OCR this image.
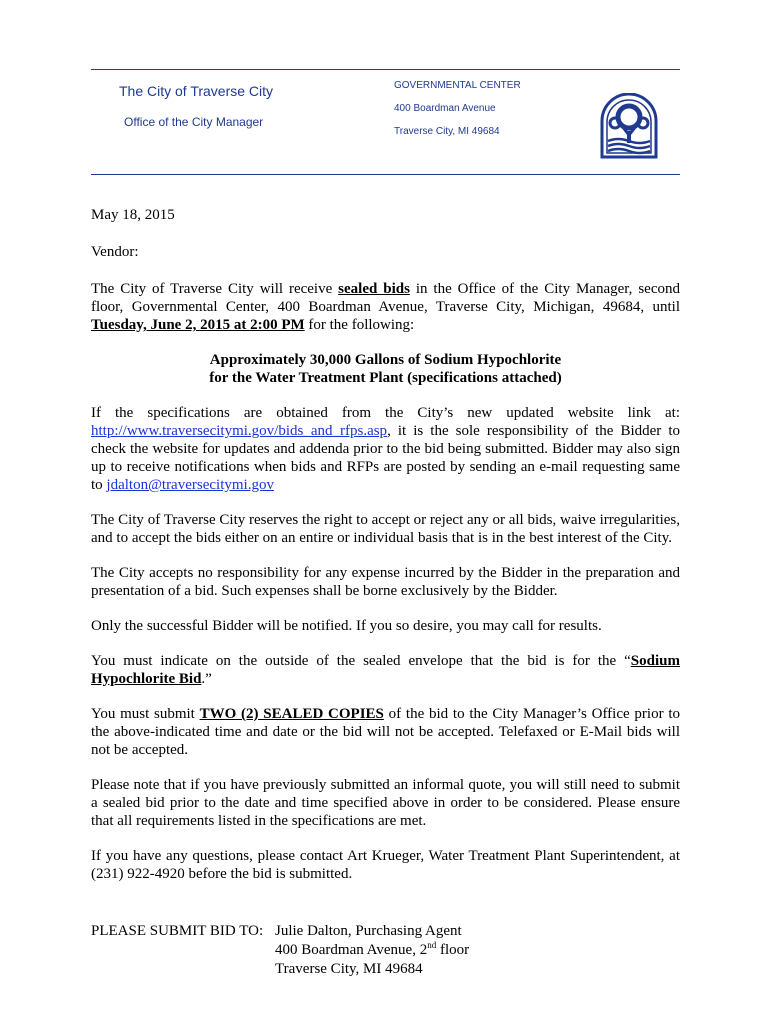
The City of Traverse City
Office of the City Manager
GOVERNMENTAL CENTER
400 Boardman Avenue
Traverse City, MI 49684
May 18, 2015
Vendor:

The City of Traverse City will receive sealed bids in the Office of the City Manager, second floor, Governmental Center, 400 Boardman Avenue, Traverse City, Michigan, 49684, until Tuesday, June 2, 2015 at 2:00 PM for the following:

Approximately 30,000 Gallons of Sodium Hypochlorite
for the Water Treatment Plant (specifications attached)

If the specifications are obtained from the City’s new updated website link at: http://www.traversecitymi.gov/bids_and_rfps.asp, it is the sole responsibility of the Bidder to check the website for updates and addenda prior to the bid being submitted. Bidder may also sign up to receive notifications when bids and RFPs are posted by sending an e-mail requesting same to jdalton@traversecitymi.gov

The City of Traverse City reserves the right to accept or reject any or all bids, waive irregularities, and to accept the bids either on an entire or individual basis that is in the best interest of the City.

The City accepts no responsibility for any expense incurred by the Bidder in the preparation and presentation of a bid. Such expenses shall be borne exclusively by the Bidder.

Only the successful Bidder will be notified. If you so desire, you may call for results.

You must indicate on the outside of the sealed envelope that the bid is for the “Sodium Hypochlorite Bid.”

You must submit TWO (2) SEALED COPIES of the bid to the City Manager’s Office prior to the above-indicated time and date or the bid will not be accepted. Telefaxed or E-Mail bids will not be accepted.

Please note that if you have previously submitted an informal quote, you will still need to submit a sealed bid prior to the date and time specified above in order to be considered. Please ensure that all requirements listed in the specifications are met.

If you have any questions, please contact Art Krueger, Water Treatment Plant Superintendent, at (231) 922-4920 before the bid is submitted.

PLEASE SUBMIT BID TO: Julie Dalton, Purchasing Agent
400 Boardman Avenue, 2nd floor
Traverse City, MI 49684
